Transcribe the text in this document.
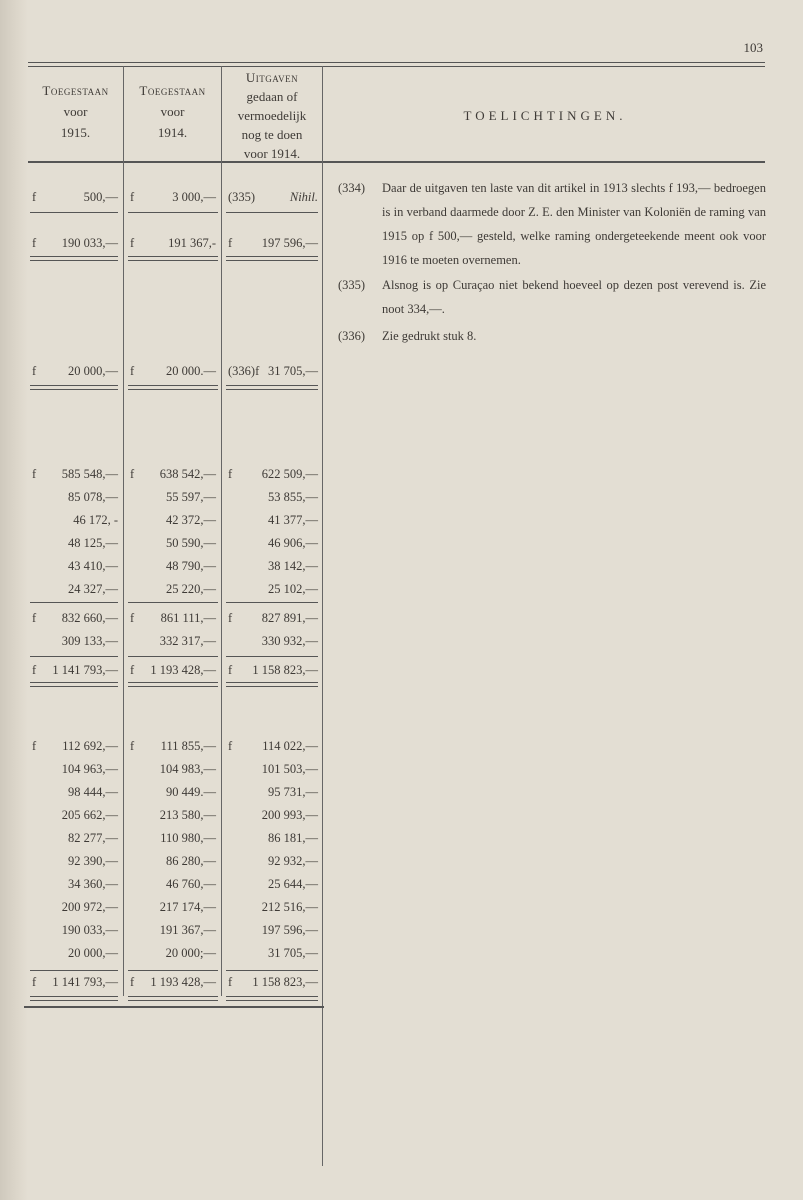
103
Toegestaan
voor
1915.
Toegestaan
voor
1914.
Uitgaven
gedaan of
vermoedelijk
nog te doen
voor 1914.
TOELICHTINGEN.
f	500,— f	3 000,— (335)	Nihil.
f 190 033,— f	191 367,- f 197 596,—
f	20 000,— f	20 000.— (336)f 31 705,—
f 585 548,— f 638 542,— f 622 509,—
85 078,—	55 597,—	53 855,—
46 172, -	42 372,—	41 377,—
48 125,—	50 590,—	46 906,—
43 410,—	48 790,—	38 142,—
24 327,—	25 220,—	25 102,—
f 832 660,— f 861 111,— f 827 891,—
309 133,—	332 317,—	330 932,—
f 1 141 793,— f 1 193 428,— f 1 158 823,—
f 112 692,— f 111 855,— f 114 022,—
104 963,—	104 983,—	101 503,—
98 444,—	90 449.—	95 731,—
205 662,—	213 580,—	200 993,—
82 277,—	110 980,—	86 181,—
92 390,—	86 280,—	92 932,—
34 360,—	46 760,—	25 644,—
200 972,—	217 174,—	212 516,—
190 033,—	191 367,—	197 596,—
20 000,—	20 000;—	31 705,—
f 1 141 793,— f 1 193 428,— f 1 158 823,—
(334) Daar de uitgaven ten laste van dit artikel in 1913 slechts f 193,— bedroegen is in verband daarmede door Z. E. den Minister van Koloniën de raming van 1915 op f 500,— gesteld, welke raming ondergeteekende meent ook voor 1916 te moeten overnemen.
(335) Alsnog is op Curaçao niet bekend hoeveel op dezen post verevend is. Zie noot 334,—.
(336) Zie gedrukt stuk 8.
